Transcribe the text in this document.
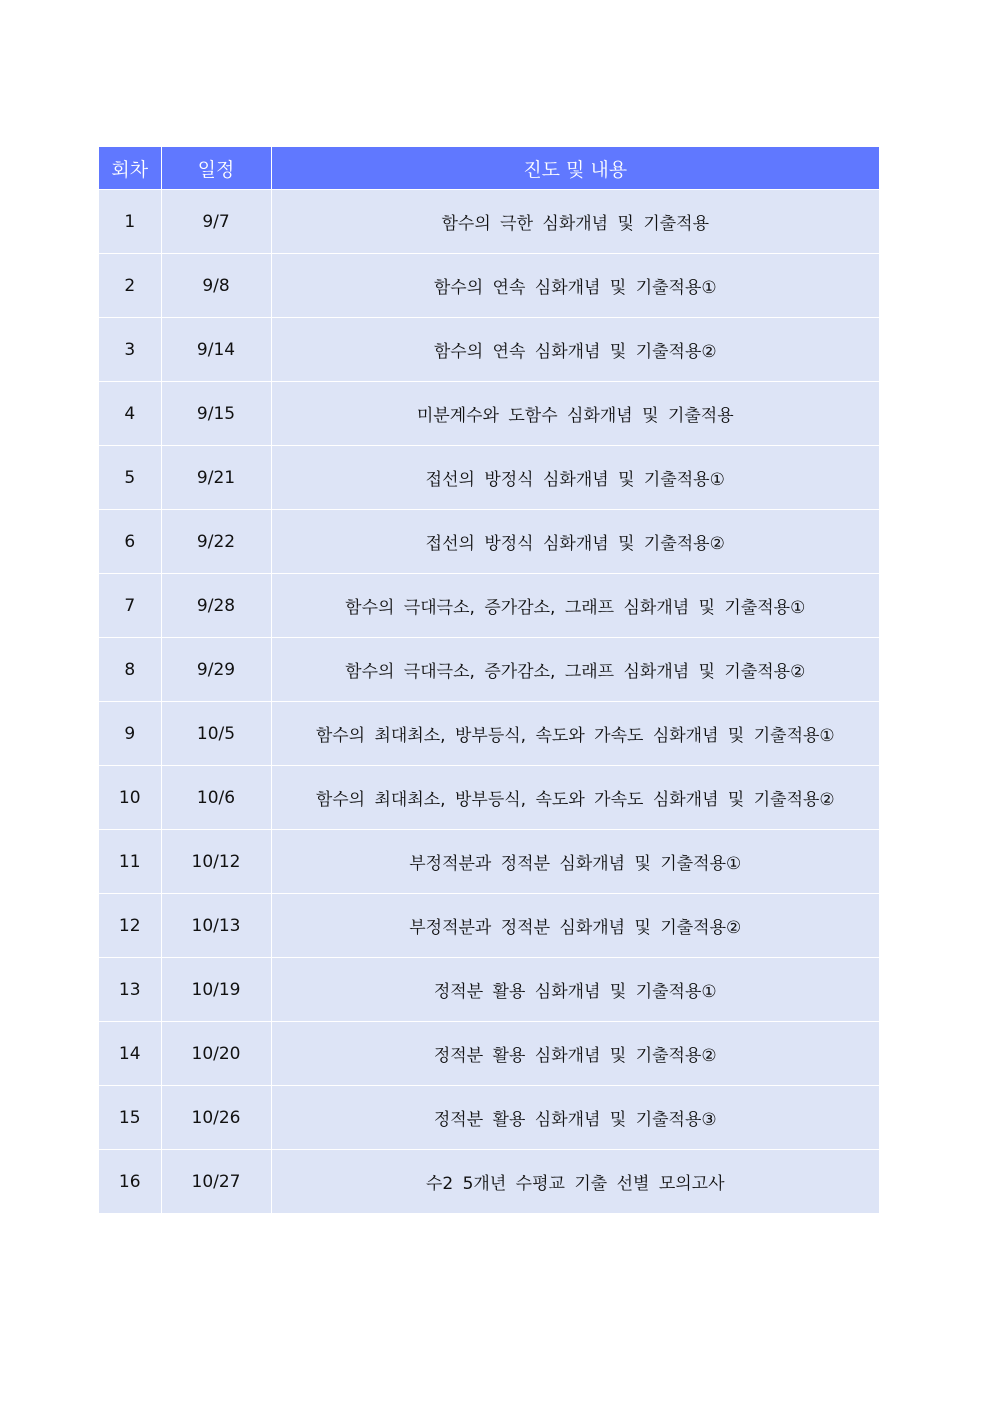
회차	일정	진도 및 내용
1	9/7	함수의 극한 심화개념 및 기출적용
2	9/8	함수의 연속 심화개념 및 기출적용①
3	9/14	함수의 연속 심화개념 및 기출적용②
4	9/15	미분계수와 도함수 심화개념 및 기출적용
5	9/21	접선의 방정식 심화개념 및 기출적용①
6	9/22	접선의 방정식 심화개념 및 기출적용②
7	9/28	함수의 극대극소, 증가감소, 그래프 심화개념 및 기출적용①
8	9/29	함수의 극대극소, 증가감소, 그래프 심화개념 및 기출적용②
9	10/5	함수의 최대최소, 방부등식, 속도와 가속도 심화개념 및 기출적용①
10	10/6	함수의 최대최소, 방부등식, 속도와 가속도 심화개념 및 기출적용②
11	10/12	부정적분과 정적분 심화개념 및 기출적용①
12	10/13	부정적분과 정적분 심화개념 및 기출적용②
13	10/19	정적분 활용 심화개념 및 기출적용①
14	10/20	정적분 활용 심화개념 및 기출적용②
15	10/26	정적분 활용 심화개념 및 기출적용③
16	10/27	수2 5개년 수평교 기출 선별 모의고사
